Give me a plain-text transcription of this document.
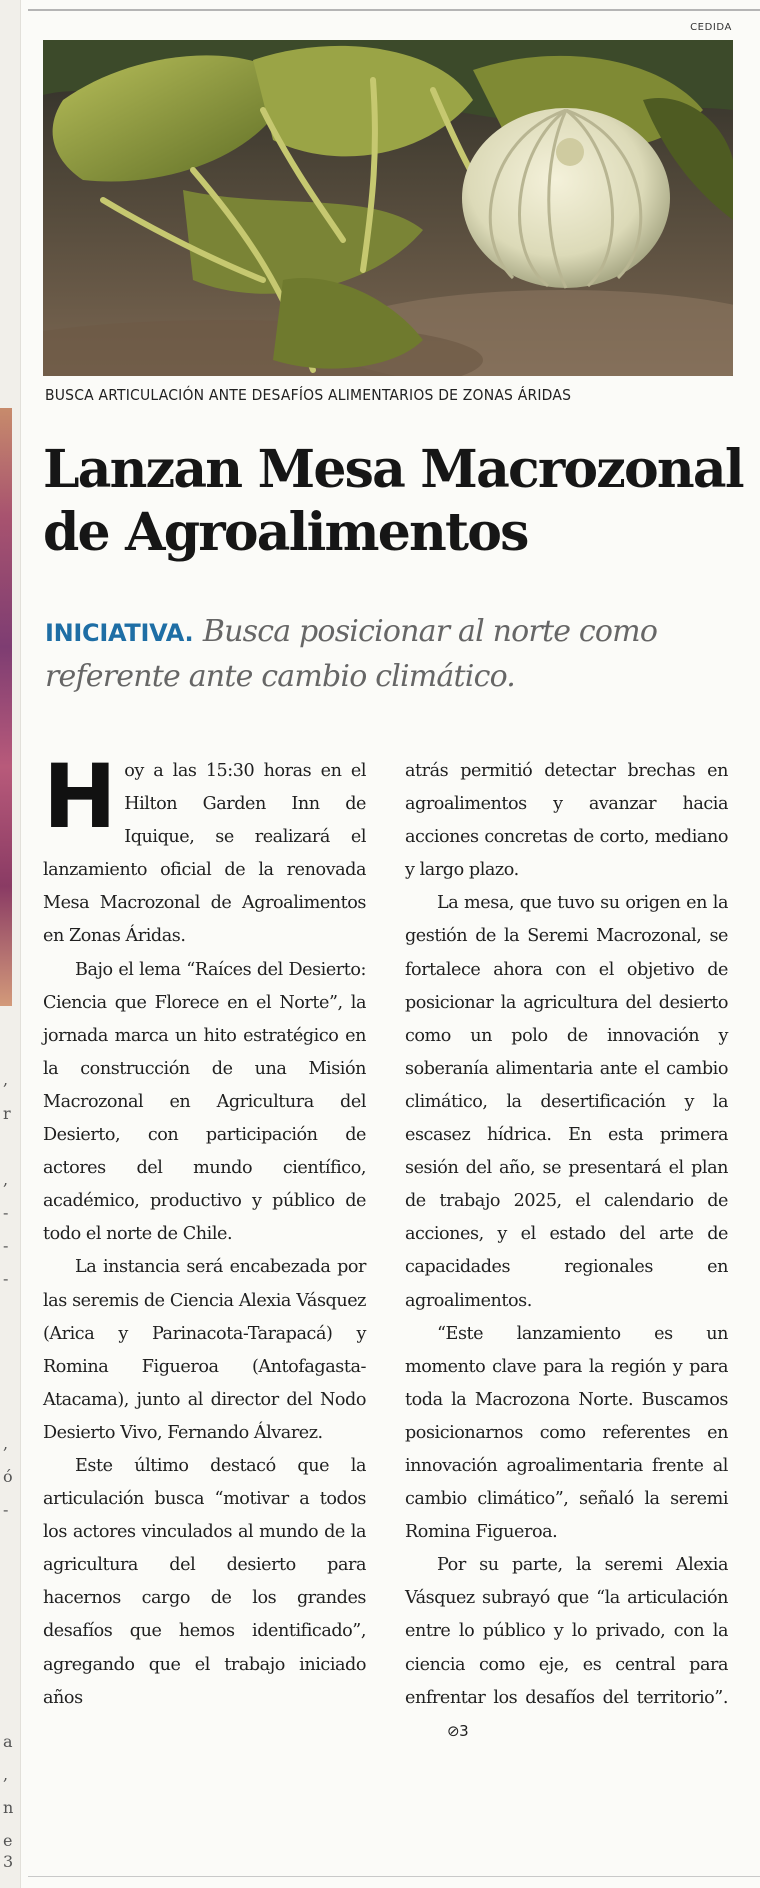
,
r
,
-
-
-
,
ó
-
a
,
n
e
3
CEDIDA
BUSCA ARTICULACIÓN ANTE DESAFÍOS ALIMENTARIOS DE ZONAS ÁRIDAS
Lanzan Mesa Macrozonal de Agroalimentos
INICIATIVA. Busca posicionar al norte como referente ante cambio climático.

Hoy a las 15:30 horas en el Hilton Garden Inn de Iquique, se realizará el lanzamiento oficial de la renovada Mesa Macrozonal de Agroalimentos en Zonas Áridas.

Bajo el lema “Raíces del Desierto: Ciencia que Florece en el Norte”, la jornada marca un hito estratégico en la construcción de una Misión Macrozonal en Agricultura del Desierto, con participación de actores del mundo científico, académico, productivo y público de todo el norte de Chile.

La instancia será encabezada por las seremis de Ciencia Alexia Vásquez (Arica y Parinacota-Tarapacá) y Romina Figueroa (Antofagasta-Atacama), junto al director del Nodo Desierto Vivo, Fernando Álvarez.

Este último destacó que la articulación busca “motivar a todos los actores vinculados al mundo de la agricultura del desierto para hacernos cargo de los grandes desafíos que hemos identificado”, agregando que el trabajo iniciado años

atrás permitió detectar brechas en agroalimentos y avanzar hacia acciones concretas de corto, mediano y largo plazo.

La mesa, que tuvo su origen en la gestión de la Seremi Macrozonal, se fortalece ahora con el objetivo de posicionar la agricultura del desierto como un polo de innovación y soberanía alimentaria ante el cambio climático, la desertificación y la escasez hídrica. En esta primera sesión del año, se presentará el plan de trabajo 2025, el calendario de acciones, y el estado del arte de capacidades regionales en agroalimentos.

“Este lanzamiento es un momento clave para la región y para toda la Macrozona Norte. Buscamos posicionarnos como referentes en innovación agroalimentaria frente al cambio climático”, señaló la seremi Romina Figueroa.

Por su parte, la seremi Alexia Vásquez subrayó que “la articulación entre lo público y lo privado, con la ciencia como eje, es central para enfrentar los desafíos del territorio”.⊘3
